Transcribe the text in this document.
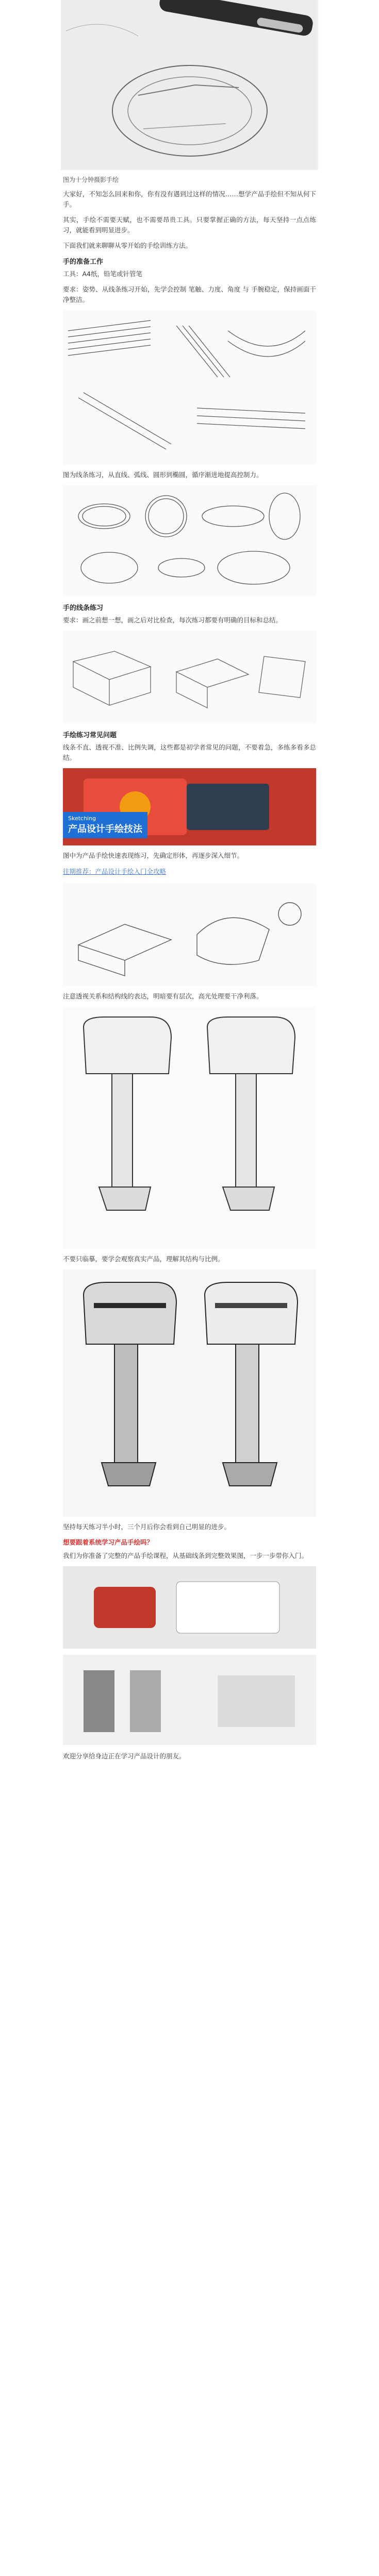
图为十分钟摄影手绘

大家好，不知怎么回来和你，你有没有遇到过这样的情况……想学产品手绘但不知从何下手。

其实，手绘不需要天赋，也不需要昂贵工具。只要掌握正确的方法，每天坚持一点点练习，就能看到明显进步。

下面我们就来聊聊从零开始的手绘训练方法。

手的准备工作

工具：A4纸，铅笔或针管笔

要求：姿势、从线条练习开始，先学会控制 笔触、力度、角度 与 手腕稳定，保持画面干净整洁。

图为线条练习，从直线、弧线、圆形到椭圆，循序渐进地提高控制力。

手的线条练习

要求：画之前想一想，画之后对比检查，每次练习都要有明确的目标和总结。

手绘练习常见问题

线条不直、透视不准、比例失调，这些都是初学者常见的问题，不要着急，多练多看多总结。

Sketching
产品设计手绘技法

图中为产品手绘快速表现练习，先确定形体，再逐步深入细节。

往期推荐：产品设计手绘入门全攻略

注意透视关系和结构线的表达，明暗要有层次，高光处理要干净利落。

不要只临摹，要学会观察真实产品，理解其结构与比例。

坚持每天练习半小时，三个月后你会看到自己明显的进步。

想要跟着系统学习产品手绘吗？

我们为你准备了完整的产品手绘课程，从基础线条到完整效果图，一步一步带你入门。

欢迎分享给身边正在学习产品设计的朋友。
